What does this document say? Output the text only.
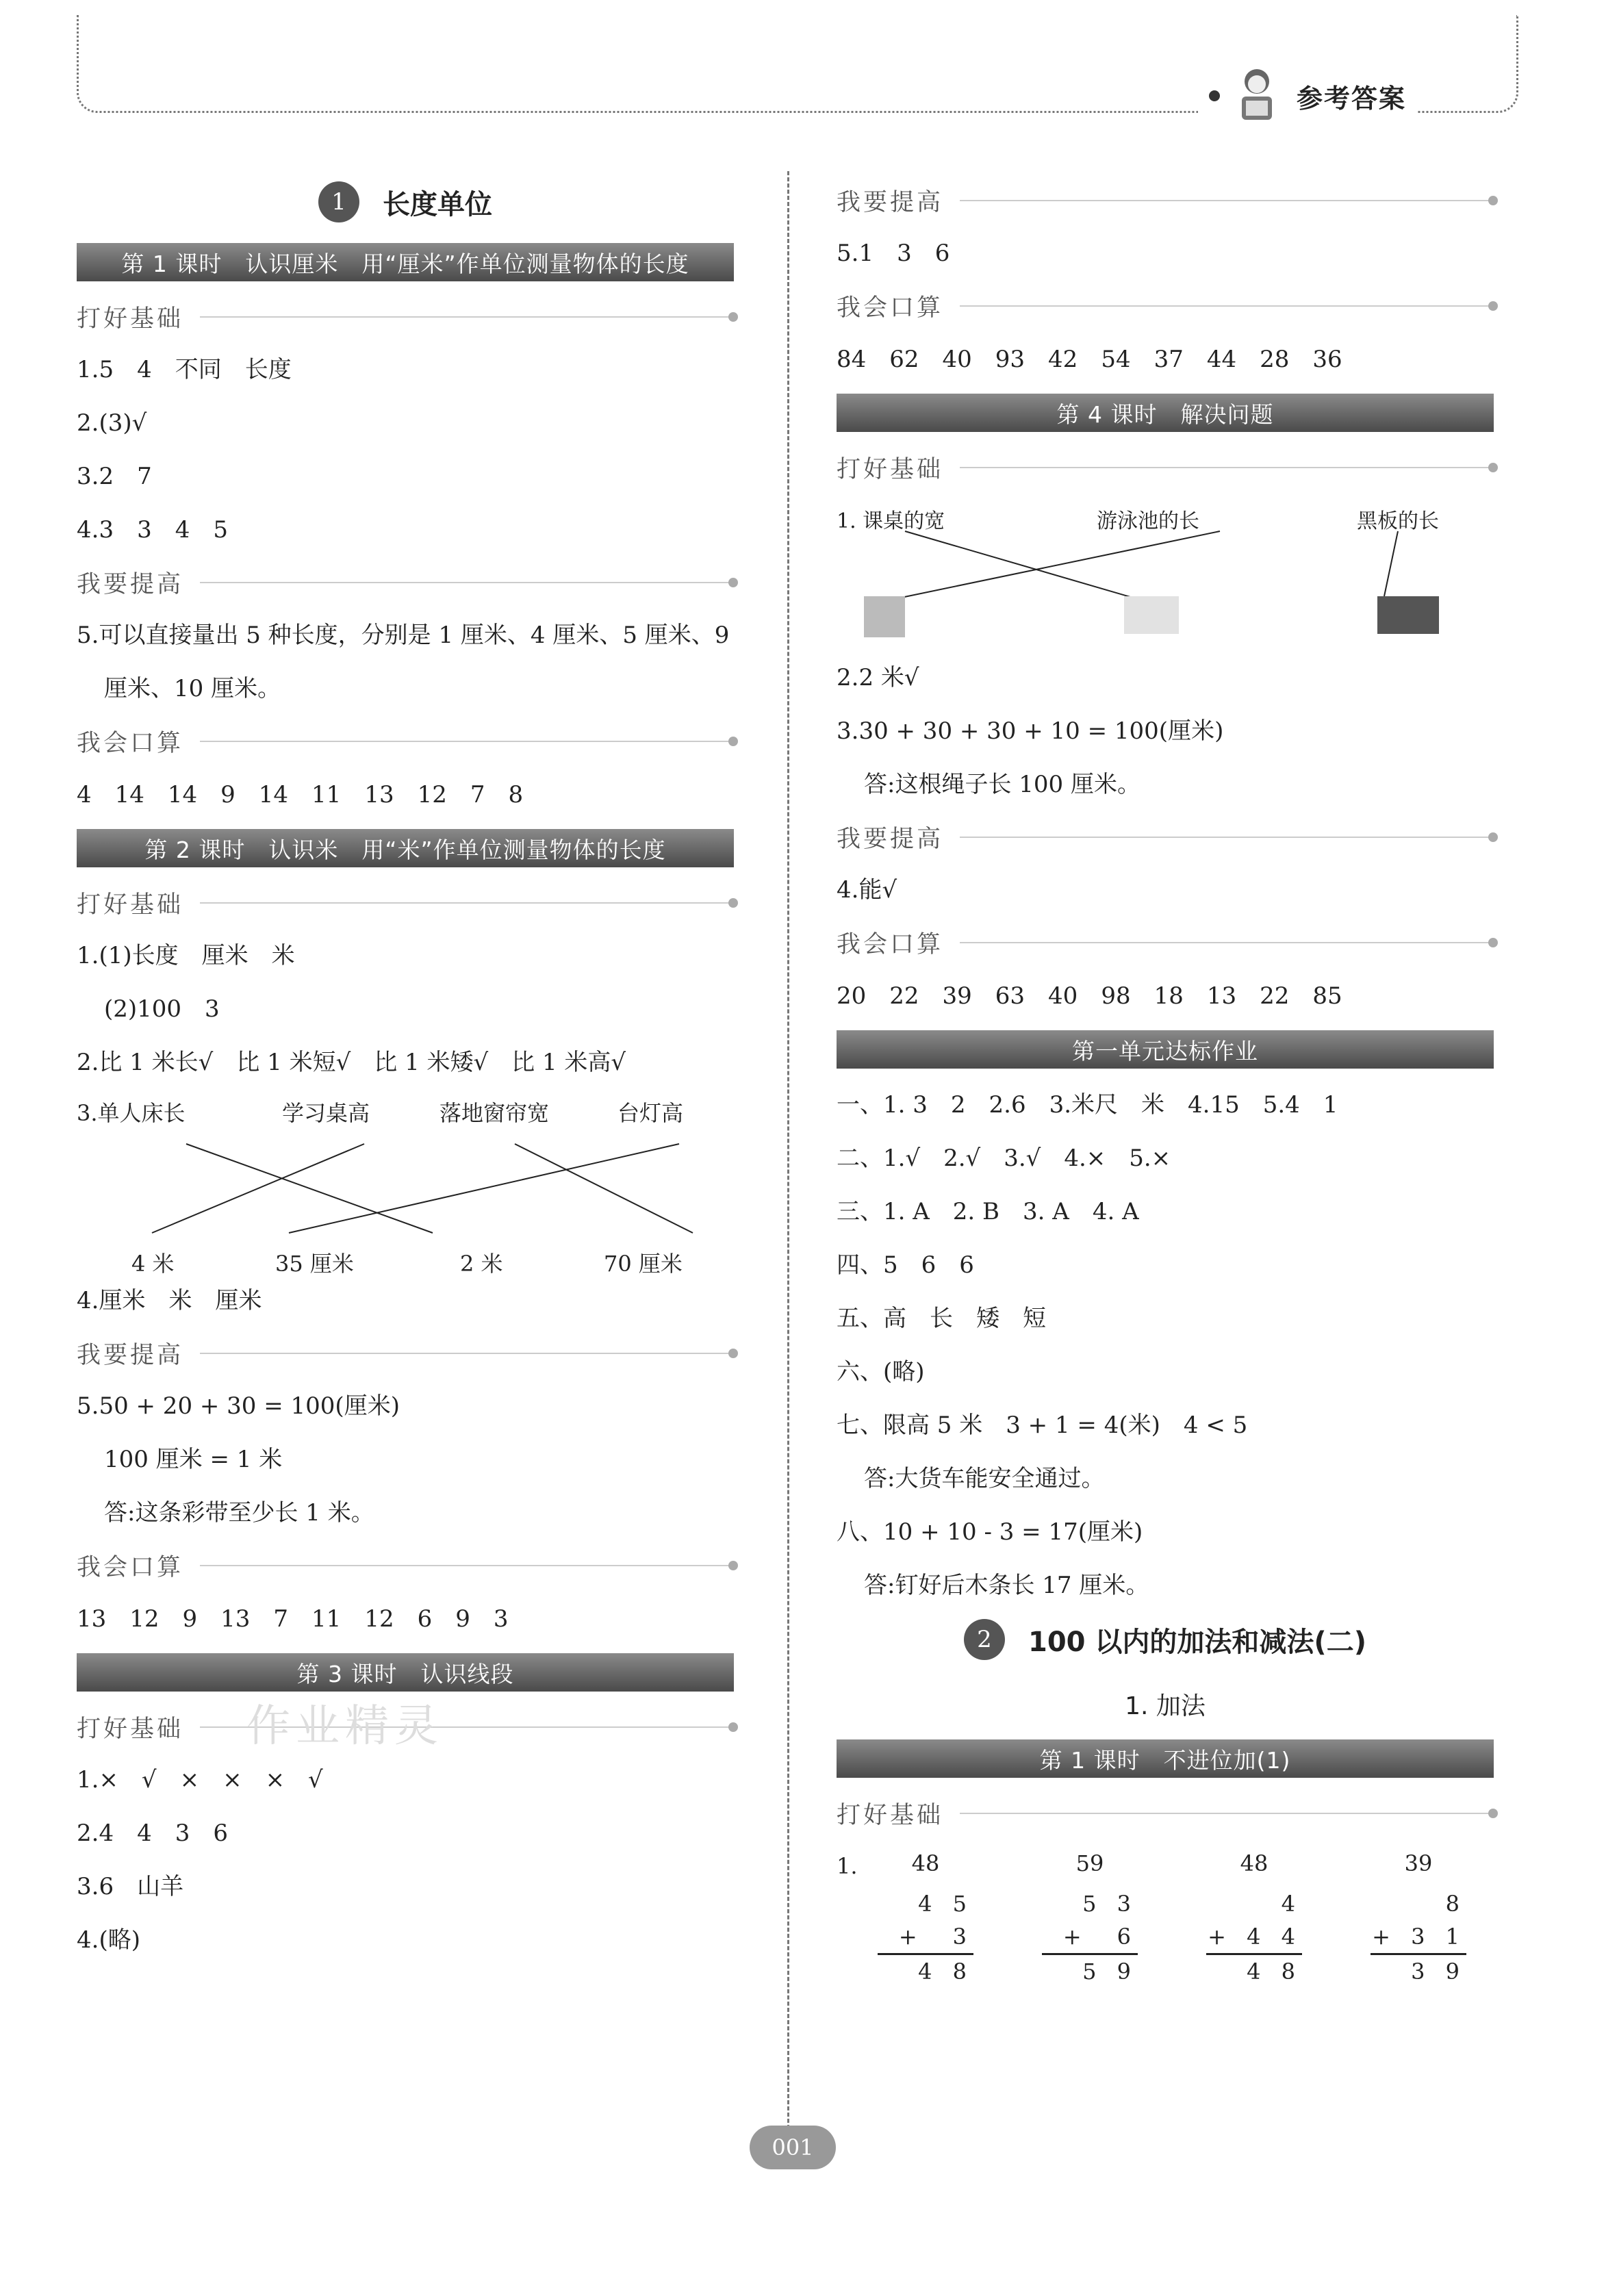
参考答案
1	长度单位
第 1 课时　认识厘米　用“厘米”作单位测量物体的长度
打好基础
1.5　4　不同　长度
2.(3)√
3.2　7
4.3　3　4　5
我要提高
5.可以直接量出 5 种长度，分别是 1 厘米、4 厘米、5 厘米、9
厘米、10 厘米。
我会口算
4　14　14　9　14　11　13　12　7　8
第 2 课时　认识米　用“米”作单位测量物体的长度
打好基础
1.(1)长度　厘米　米
(2)100　3
2.比 1 米长√　比 1 米短√　比 1 米矮√　比 1 米高√
3.单人床长	学习桌高	落地窗帘宽	台灯高
4 米	35 厘米	2 米	70 厘米
4.厘米　米　厘米
我要提高
5.50 + 20 + 30 = 100(厘米)
100 厘米 = 1 米
答:这条彩带至少长 1 米。
我会口算
13　12　9　13　7　11　12　6　9　3
第 3 课时　认识线段
打好基础
1.×　√　×　×　×　√
2.4　4　3　6
3.6　山羊
4.(略)
我要提高
5.1　3　6
我会口算
84　62　40　93　42　54　37　44　28　36
第 4 课时　解决问题
打好基础
1. 课桌的宽	游泳池的长	黑板的长
2.2 米√
3.30 + 30 + 30 + 10 = 100(厘米)
答:这根绳子长 100 厘米。
我要提高
4.能√
我会口算
20　22　39　63　40　98　18　13　22　85
第一单元达标作业
一、1. 3　2　2.6　3.米尺　米　4.15　5.4　1
二、1.√　2.√　3.√　4.×　5.×
三、1. A　2. B　3. A　4. A
四、5　6　6
五、高　长　矮　短
六、(略)
七、限高 5 米　3 + 1 = 4(米)　4 < 5
答:大货车能安全通过。
八、10 + 10 - 3 = 17(厘米)
答:钉好后木条长 17 厘米。
2	100 以内的加法和减法(二)
1. 加法
第 1 课时　不进位加(1)
打好基础
1.	48
4 5
+　3
4 8
59
5 3
+　6
5 9
48
4
+ 4 4
4 8
39
8
+ 3 1
3 9
作业精灵
001
